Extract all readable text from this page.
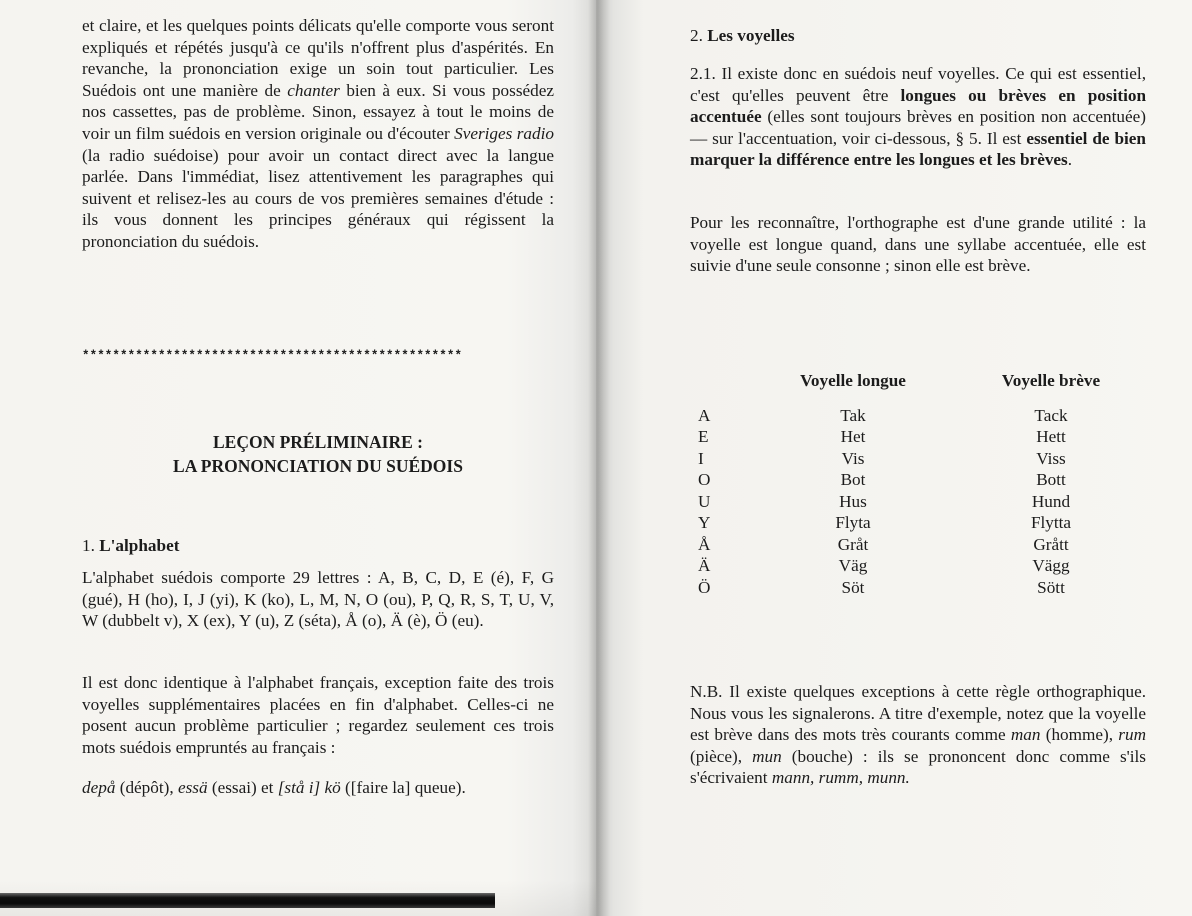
et claire, et les quelques points délicats qu'elle comporte vous seront expliqués et répétés jusqu'à ce qu'ils n'offrent plus d'aspérités. En revanche, la prononciation exige un soin tout particulier. Les Suédois ont une manière de chanter bien à eux. Si vous possédez nos cassettes, pas de problème. Sinon, essayez à tout le moins de voir un film suédois en version originale ou d'écouter Sveriges radio (la radio suédoise) pour avoir un contact direct avec la langue parlée. Dans l'immédiat, lisez attentivement les paragraphes qui suivent et relisez-les au cours de vos premières semaines d'étude : ils vous donnent les principes généraux qui régissent la prononciation du suédois.

**************************************************
LEÇON PRÉLIMINAIRE :
LA PRONONCIATION DU SUÉDOIS
1. L'alphabet

L'alphabet suédois comporte 29 lettres : A, B, C, D, E (é), F, G (gué), H (ho), I, J (yi), K (ko), L, M, N, O (ou), P, Q, R, S, T, U, V, W (dubbelt v), X (ex), Y (u), Z (séta), Å (o), Ä (è), Ö (eu).

Il est donc identique à l'alphabet français, exception faite des trois voyelles supplémentaires placées en fin d'alphabet. Celles-ci ne posent aucun problème particulier ; regardez seulement ces trois mots suédois empruntés au français :

depå (dépôt), essä (essai) et [stå i] kö ([faire la] queue).

2. Les voyelles

2.1. Il existe donc en suédois neuf voyelles. Ce qui est essentiel, c'est qu'elles peuvent être longues ou brèves en position accentuée (elles sont toujours brèves en position non accentuée) — sur l'accentuation, voir ci-dessous, § 5. Il est essentiel de bien marquer la différence entre les longues et les brèves.

Pour les reconnaître, l'orthographe est d'une grande utilité : la voyelle est longue quand, dans une syllabe accentuée, elle est suivie d'une seule consonne ; sinon elle est brève.

	Voyelle longue	Voyelle brève
A	Tak	Tack
E	Het	Hett
I	Vis	Viss
O	Bot	Bott
U	Hus	Hund
Y	Flyta	Flytta
Å	Gråt	Grått
Ä	Väg	Vägg
Ö	Söt	Sött

N.B. Il existe quelques exceptions à cette règle orthographique. Nous vous les signalerons. A titre d'exemple, notez que la voyelle est brève dans des mots très courants comme man (homme), rum (pièce), mun (bouche) : ils se prononcent donc comme s'ils s'écrivaient mann, rumm, munn.
